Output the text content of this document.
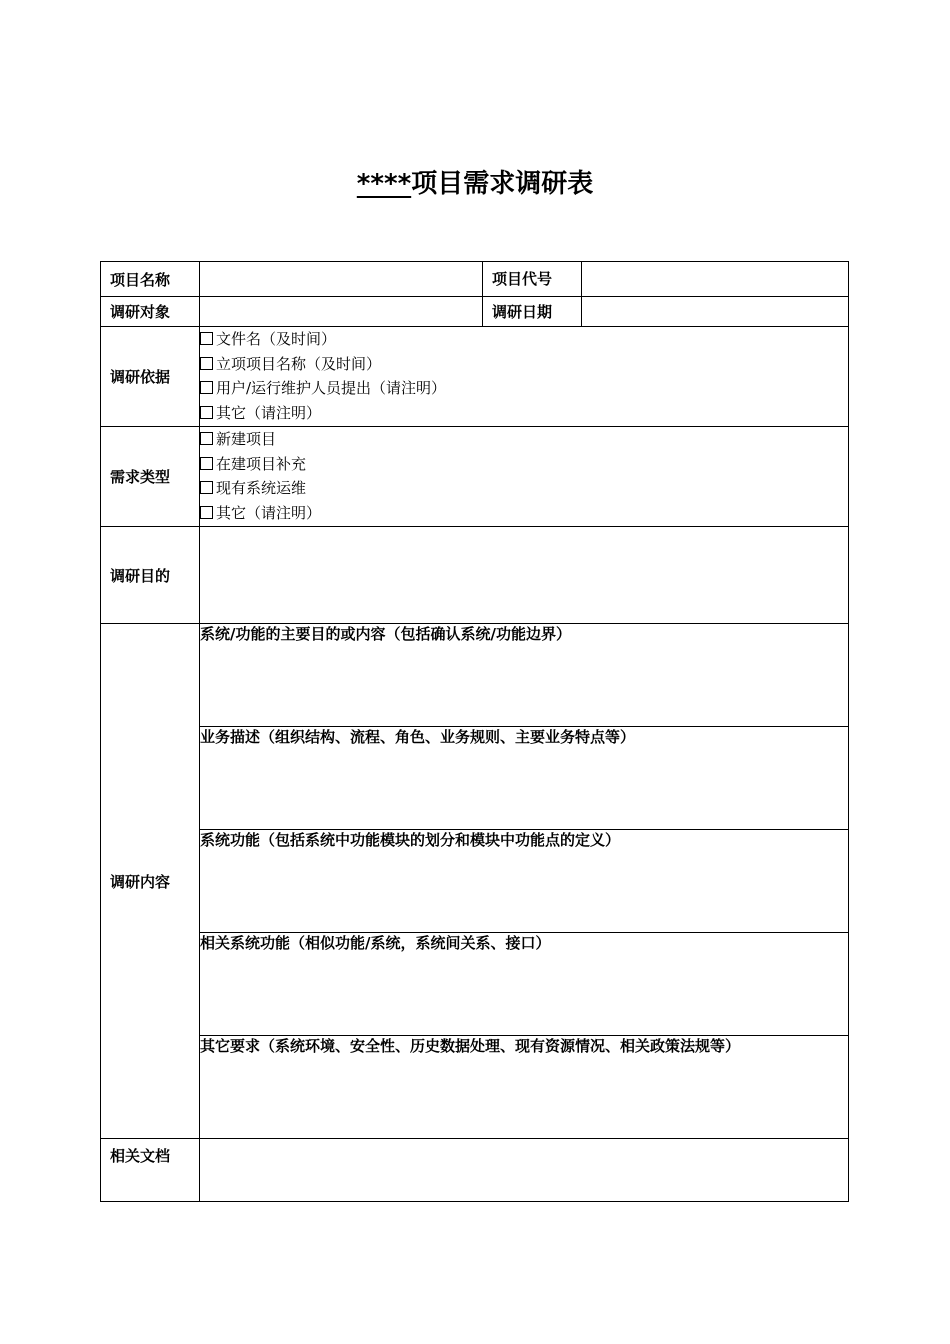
****项目需求调研表
项目名称		项目代号	
调研对象		调研日期	
调研依据	文件名（及时间）
立项项目名称（及时间）
用户/运行维护人员提出（请注明）
其它（请注明）		

需求类型	新建项目
在建项目补充
现有系统运维
其它（请注明）		

调研目的			
调研内容	系统/功能的主要目的或内容（包括确认系统/功能边界）		
	业务描述（组织结构、流程、角色、业务规则、主要业务特点等）		
	系统功能（包括系统中功能模块的划分和模块中功能点的定义）		
	相关系统功能（相似功能/系统，系统间关系、接口）		
	其它要求（系统环境、安全性、历史数据处理、现有资源情况、相关政策法规等）		
相关文档			
